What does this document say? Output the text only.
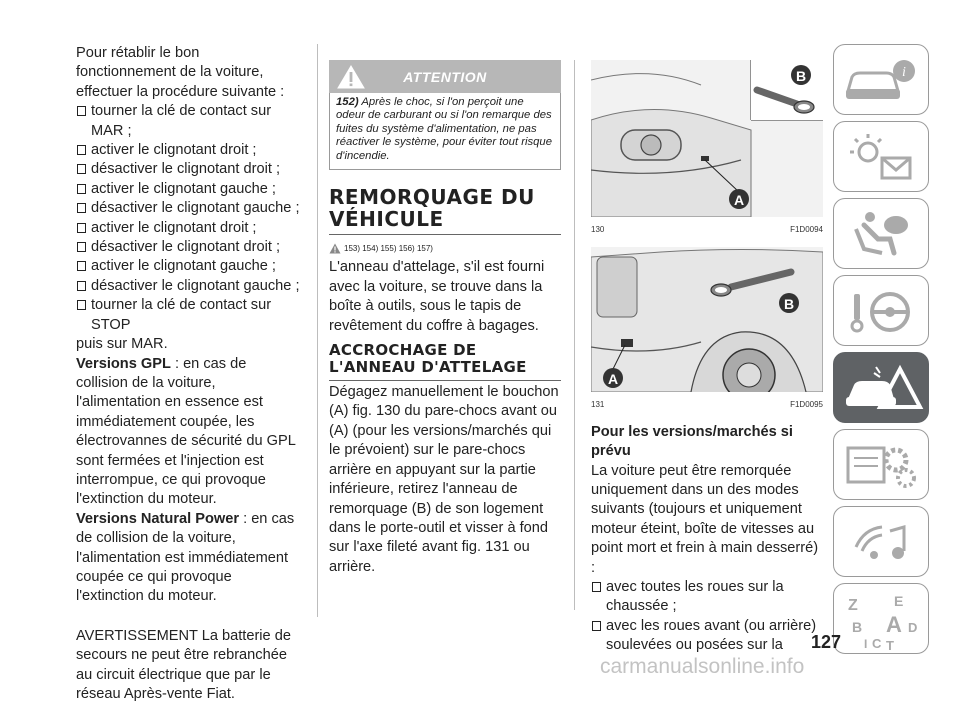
Pour rétablir le bon fonctionnement de la voiture, effectuer la procédure suivante :

tourner la clé de contact sur MAR ;
activer le clignotant droit ;
désactiver le clignotant droit ;
activer le clignotant gauche ;
désactiver le clignotant gauche ;
activer le clignotant droit ;
désactiver le clignotant droit ;
activer le clignotant gauche ;
désactiver le clignotant gauche ;
tourner la clé de contact sur STOP

puis sur MAR.

Versions GPL : en cas de collision de la voiture, l'alimentation en essence est immédiatement coupée, les électrovannes de sécurité du GPL sont fermées et l'injection est interrompue, ce qui provoque l'extinction du moteur.

Versions Natural Power : en cas de collision de la voiture, l'alimentation est immédiatement coupée ce qui provoque l'extinction du moteur.

AVERTISSEMENT La batterie de secours ne peut être rebranchée au circuit électrique que par le réseau Après-vente Fiat.

ATTENTION
152) Après le choc, si l'on perçoit une odeur de carburant ou si l'on remarque des fuites du système d'alimentation, ne pas réactiver le système, pour éviter tout risque d'incendie.
REMORQUAGE DU VÉHICULE
153) 154) 155) 156) 157)

L'anneau d'attelage, s'il est fourni avec la voiture, se trouve dans la boîte à outils, sous le tapis de revêtement du coffre à bagages.

ACCROCHAGE DE L'ANNEAU D'ATTELAGE

Dégagez manuellement le bouchon (A) fig. 130 du pare-chocs avant ou (A) (pour les versions/marchés qui le prévoient) sur le pare-chocs arrière en appuyant sur la partie inférieure, retirez l'anneau de remorquage (B) de son logement dans le porte-outil et visser à fond sur l'axe fileté avant fig. 131 ou arrière.

B
A
130	F1D0094
B
A
131	F1D0095
Pour les versions/marchés si prévu

La voiture peut être remorquée uniquement dans un des modes suivants (toujours et uniquement moteur éteint, boîte de vitesses au point mort et frein à main desserré) :

avec toutes les roues sur la chaussée ;
avec les roues avant (ou arrière) soulevées ou posées sur la
i
Z	E
B A D
I C T
127
carmanualsonline.info
